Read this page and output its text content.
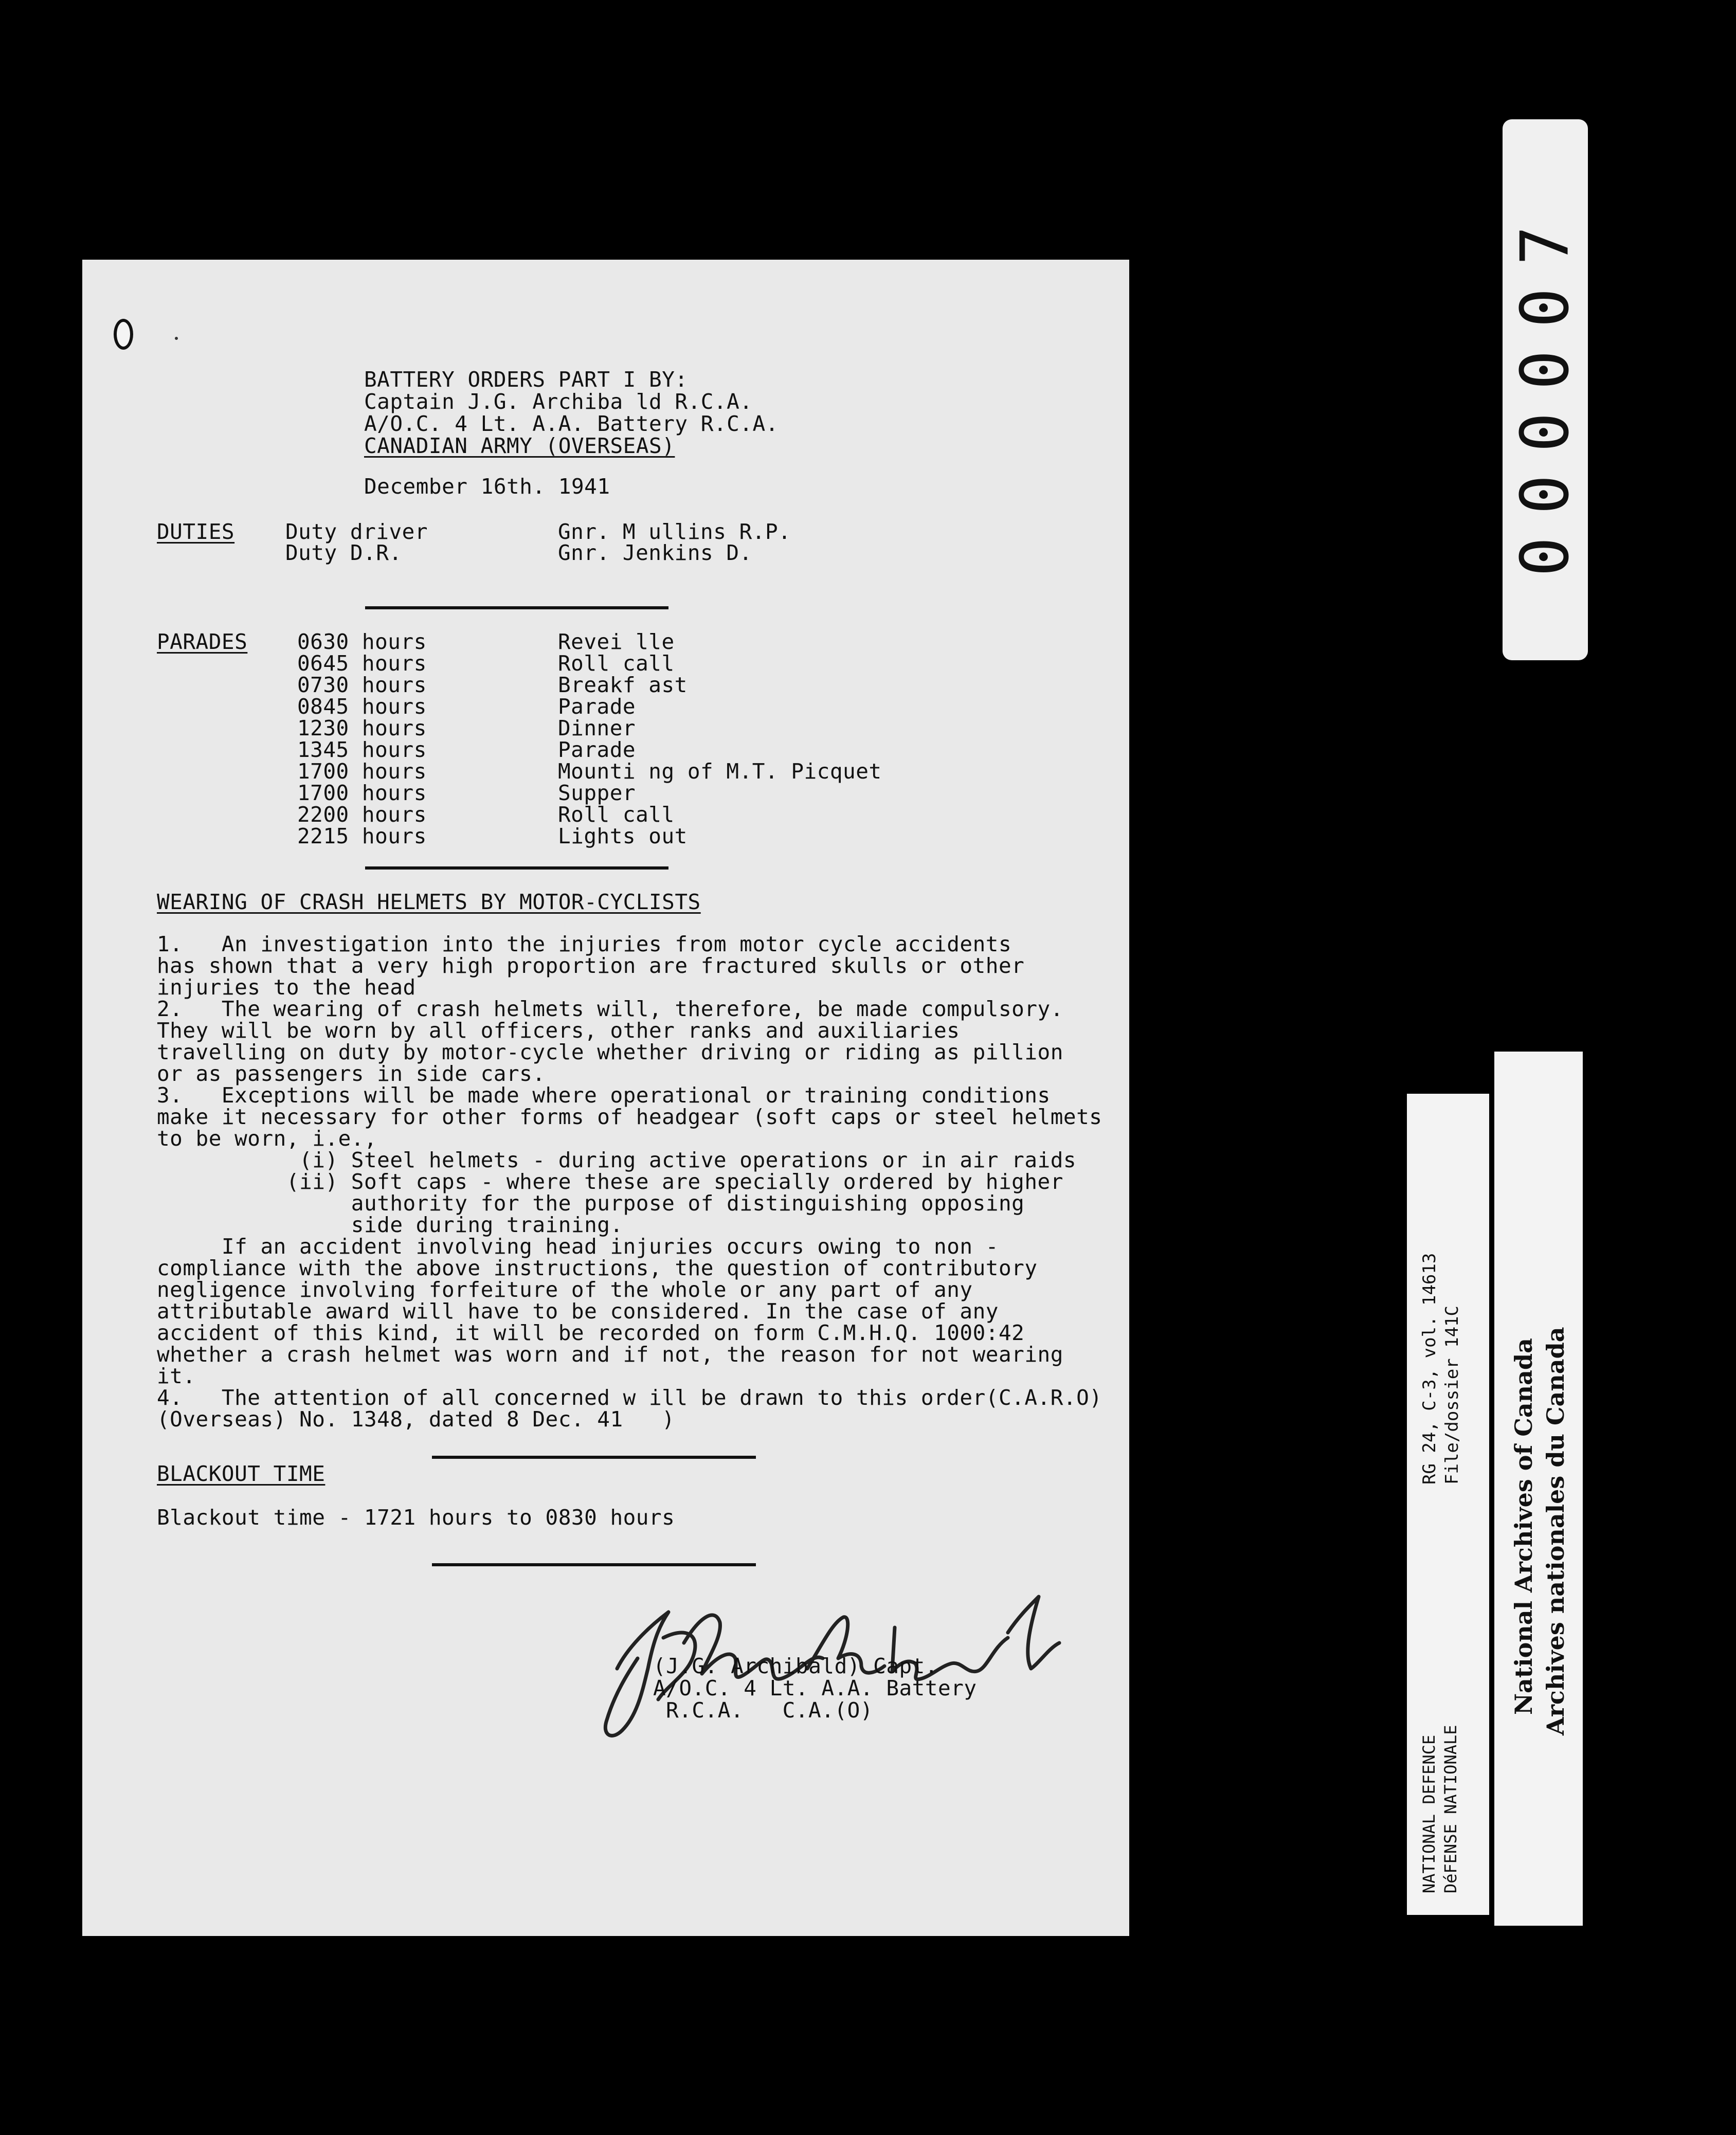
BATTERY ORDERS PART I BY:
Captain J.G. Archiba ld R.C.A.
A/O.C. 4 Lt. A.A. Battery R.C.A.
CANADIAN ARMY (OVERSEAS)
December 16th. 1941
DUTIES Duty driver	Gnr. M ullins R.P.
Duty D.R.	Gnr. Jenkins D.
PARADES 0630 hours	Revei lle
0645 hours	Roll call
0730 hours	Breakf ast
0845 hours	Parade
1230 hours	Dinner
1345 hours	Parade
1700 hours	Mounti ng of M.T. Picquet
1700 hours	Supper
2200 hours	Roll call
2215 hours	Lights out
WEARING OF CRASH HELMETS BY MOTOR-CYCLISTS
1.   An investigation into the injuries from motor cycle accidents
has shown that a very high proportion are fractured skulls or other
injuries to the head
2.   The wearing of crash helmets will, therefore, be made compulsory.
They will be worn by all officers, other ranks and auxiliaries
travelling on duty by motor-cycle whether driving or riding as pillion
or as passengers in side cars.
3.   Exceptions will be made where operational or training conditions
make it necessary for other forms of headgear (soft caps or steel helmets
to be worn, i.e.,
(i) Steel helmets - during active operations or in air raids
(ii) Soft caps - where these are specially ordered by higher
authority for the purpose of distinguishing opposing
side during training.
If an accident involving head injuries occurs owing to non -
compliance with the above instructions, the question of contributory
negligence involving forfeiture of the whole or any part of any
attributable award will have to be considered. In the case of any
accident of this kind, it will be recorded on form C.M.H.Q. 1000:42
whether a crash helmet was worn and if not, the reason for not wearing
it.
4.   The attention of all concerned w ill be drawn to this order(C.A.R.O)
(Overseas) No. 1348, dated 8 Dec. 41   )
BLACKOUT TIME
Blackout time - 1721 hours to 0830 hours
(J.G. Archibald) Capt.
A/O.C. 4 Lt. A.A. Battery
R.C.A.   C.A.(O)
000007
RG 24, C-3, vol. 14613 File/dossier 141C
NATIONAL DEFENCE DéFENSE NATIONALE
National Archives of Canada Archives nationales du Canada
